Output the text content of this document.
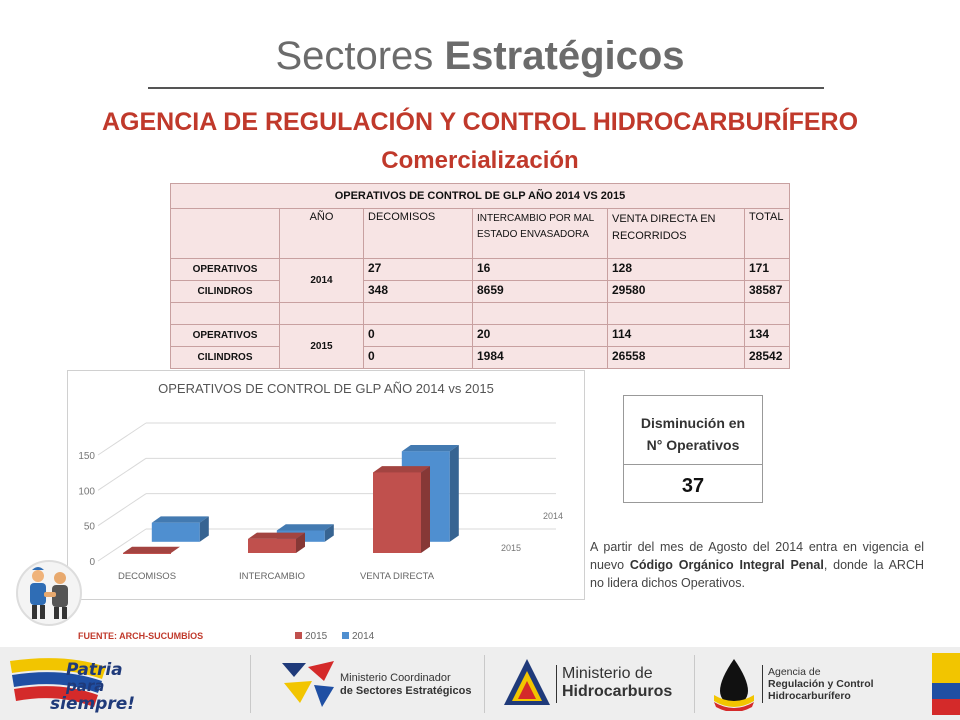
Sectores Estratégicos
AGENCIA DE REGULACIÓN Y CONTROL HIDROCARBURÍFERO
Comercialización
OPERATIVOS DE CONTROL DE GLP AÑO 2014 VS 2015					
	AÑO	DECOMISOS	INTERCAMBIO POR MAL ESTADO ENVASADORA	VENTA DIRECTA EN RECORRIDOS	TOTAL
OPERATIVOS	2014	27	16	128	171
CILINDROS		348	8659	29580	38587

OPERATIVOS	2015	0	20	114	134
CILINDROS		0	1984	26558	28542
OPERATIVOS DE CONTROL DE GLP AÑO 2014 vs 2015
0
50
100
150
DECOMISOS	INTERCAMBIO	VENTA DIRECTA
2015
2014
2015 2014
Disminución en
N° Operativos
37
A partir del mes de Agosto del 2014 entra en vigencia el nuevo Código Orgánico Integral Penal, donde la ARCH no lidera dichos Operativos.
FUENTE: ARCH-SUCUMBÍOS
Patria
para
siempre!
Ministerio Coordinador
de Sectores Estratégicos
Ministerio de
Hidrocarburos
Agencia de
Regulación y Control
Hidrocarburífero
